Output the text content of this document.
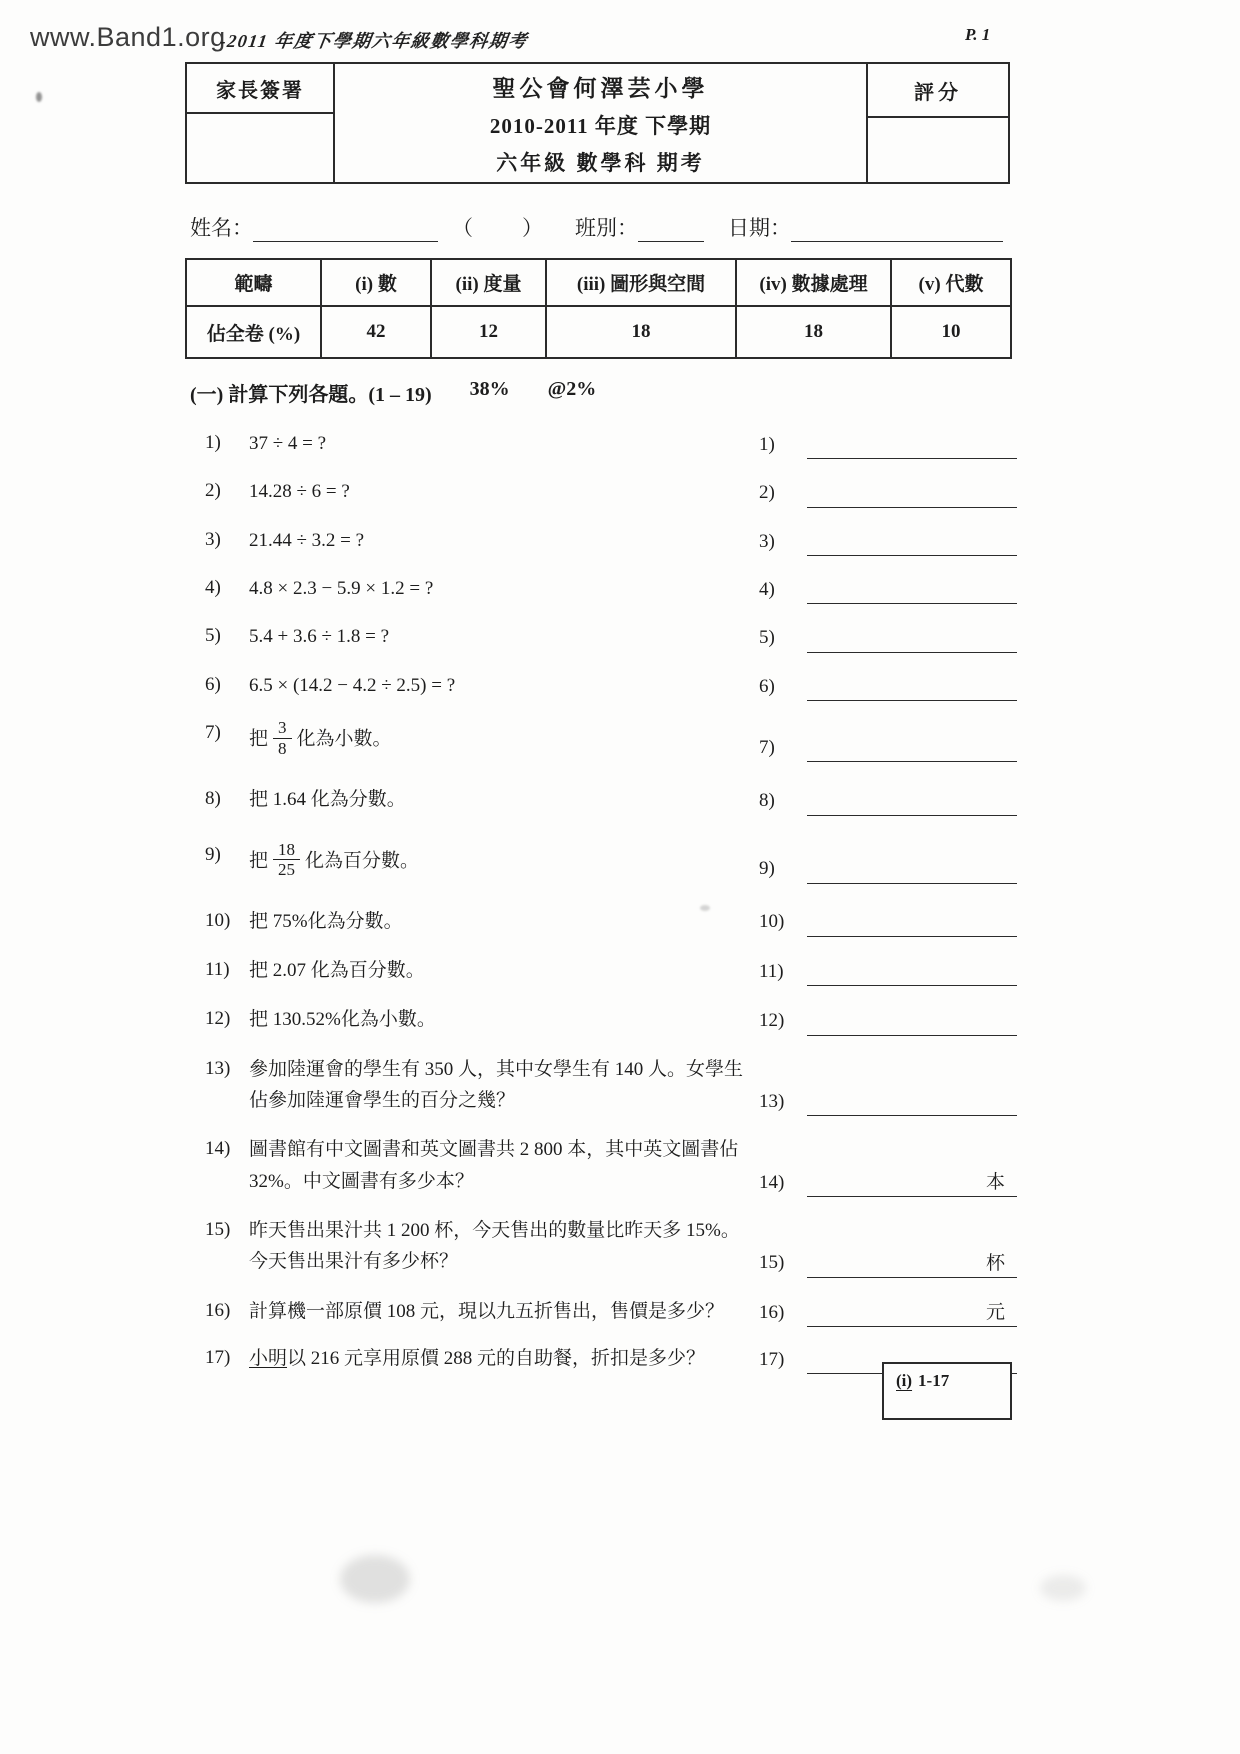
www.Band1.org
-2011 年度下學期六年級數學科期考	P. 1
家長簽署	聖公會何澤芸小學
2010-2011 年度 下學期
六年級 數學科 期考
評分
姓名：	（　） 班別：	日期：
範疇	(i) 數	(ii) 度量	(iii) 圖形與空間	(iv) 數據處理	(v) 代數
佔全卷 (%)	42	12	18	18	10
(一) 計算下列各題。(1 – 19) 38% @2%
1)	37 ÷ 4 = ?	1)
2)	14.28 ÷ 6 = ?	2)
3)	21.44 ÷ 3.2 = ?	3)
4)	4.8 × 2.3 − 5.9 × 1.2 = ?	4)
5)	5.4 + 3.6 ÷ 1.8 = ?	5)
6)	6.5 × (14.2 − 4.2 ÷ 2.5) = ?	6)
7)	把 $\frac{3}{8}$ 化為小數。	7)
8)	把 1.64 化為分數。	8)
9)	把 $\frac{18}{25}$ 化為百分數。	9)
10) 把 75%化為分數。	10)
11)	把 2.07 化為百分數。	11)
12) 把 130.52%化為小數。	12)
13) 參加陸運會的學生有 350 人，其中女學生有 140 人。女學生佔參加陸運會學生的百分之幾？	13)
14) 圖書館有中文圖書和英文圖書共 2 800 本，其中英文圖書佔 32%。中文圖書有多少本？	14)	本
15) 昨天售出果汁共 1 200 杯，今天售出的數量比昨天多 15%。今天售出果汁有多少杯？	15)	杯
16) 計算機一部原價 108 元，現以九五折售出，售價是多少？ 16)	元
17) 小明以 216 元享用原價 288 元的自助餐，折扣是多少？	17)
(i) 1-17
